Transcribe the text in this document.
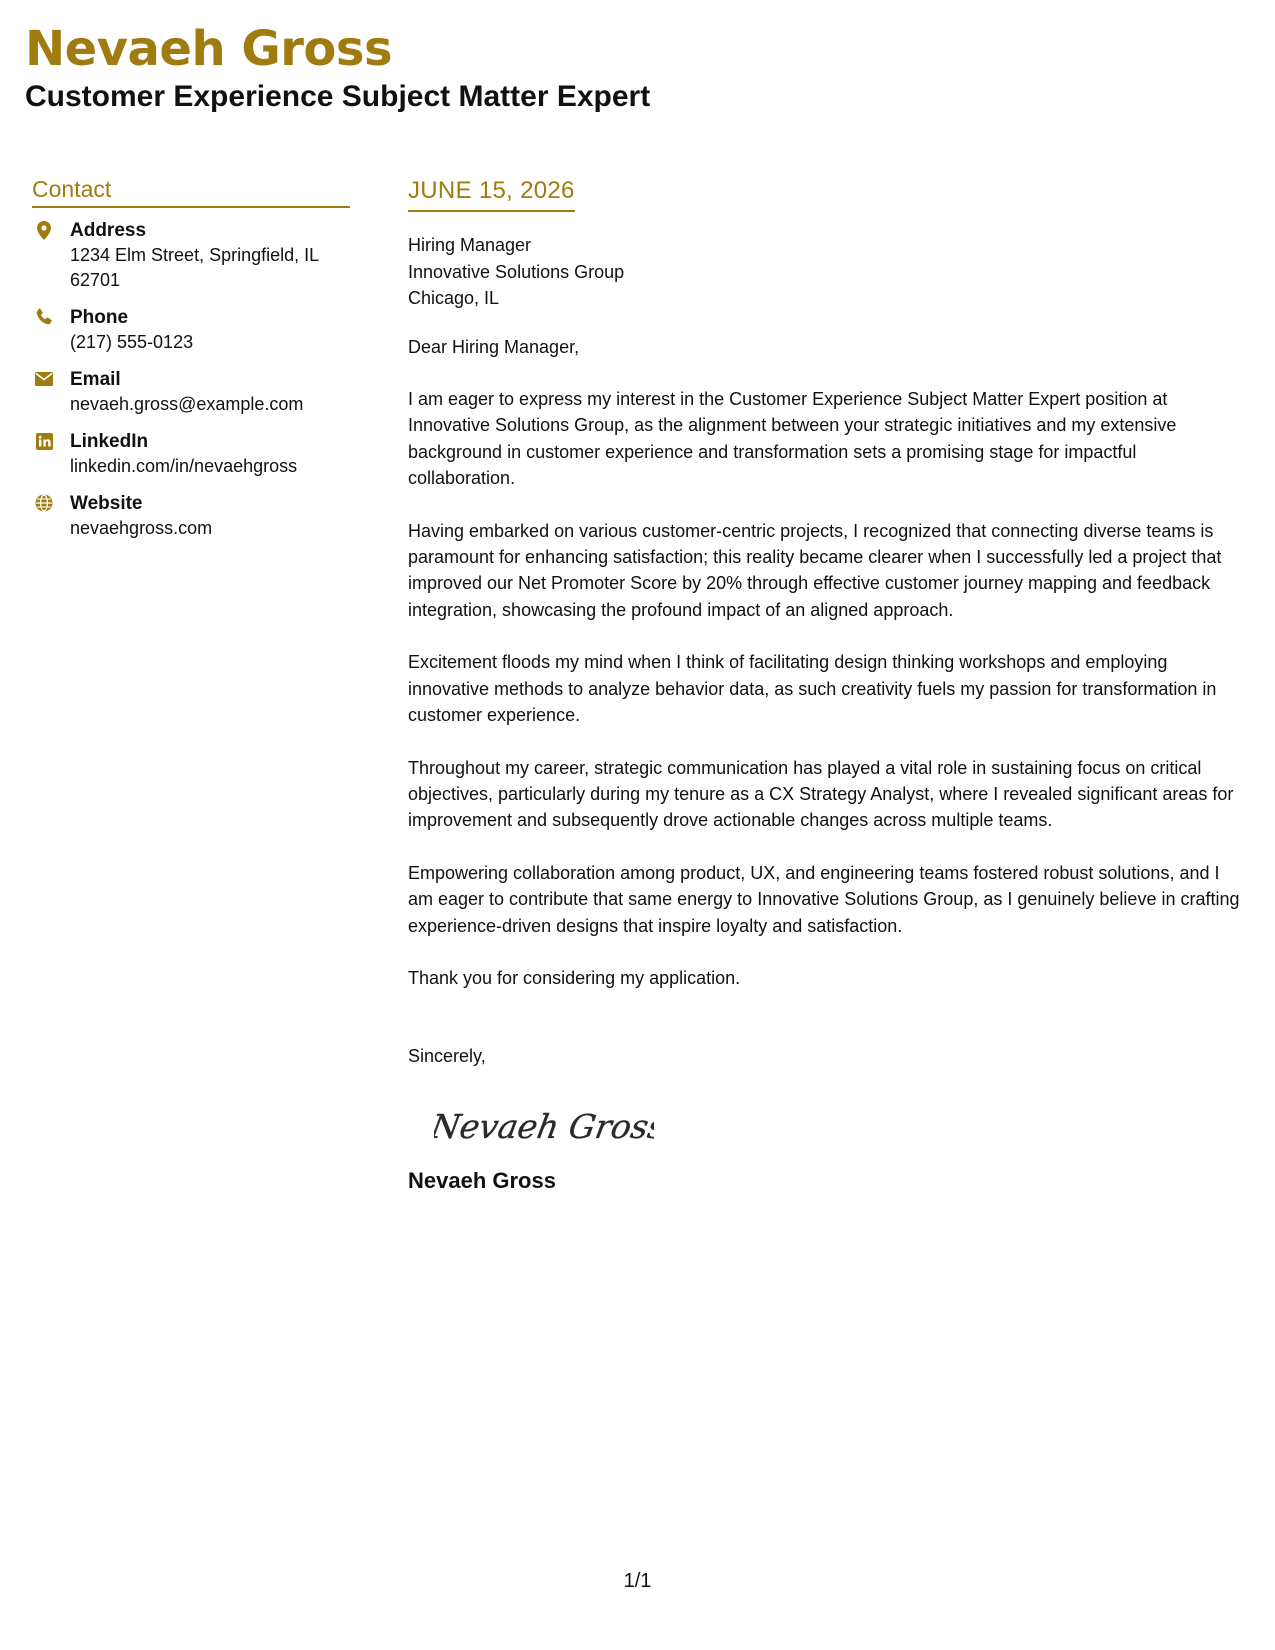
Nevaeh Gross
Customer Experience Subject Matter Expert
Contact
Address
1234 Elm Street, Springfield, IL 62701
Phone
(217) 555-0123
Email
nevaeh.gross@example.com
LinkedIn
linkedin.com/in/nevaehgross
Website
nevaehgross.com
JUNE 15, 2026
Hiring Manager
Innovative Solutions Group
Chicago, IL

Dear Hiring Manager,

I am eager to express my interest in the Customer Experience Subject Matter Expert position at Innovative Solutions Group, as the alignment between your strategic initiatives and my extensive background in customer experience and transformation sets a promising stage for impactful collaboration.

Having embarked on various customer-centric projects, I recognized that connecting diverse teams is paramount for enhancing satisfaction; this reality became clearer when I successfully led a project that improved our Net Promoter Score by 20% through effective customer journey mapping and feedback integration, showcasing the profound impact of an aligned approach.

Excitement floods my mind when I think of facilitating design thinking workshops and employing innovative methods to analyze behavior data, as such creativity fuels my passion for transformation in customer experience.

Throughout my career, strategic communication has played a vital role in sustaining focus on critical objectives, particularly during my tenure as a CX Strategy Analyst, where I revealed significant areas for improvement and subsequently drove actionable changes across multiple teams.

Empowering collaboration among product, UX, and engineering teams fostered robust solutions, and I am eager to contribute that same energy to Innovative Solutions Group, as I genuinely believe in crafting experience-driven designs that inspire loyalty and satisfaction.

Thank you for considering my application.

Sincerely,
Nevaeh Gross
Nevaeh Gross
1/1
